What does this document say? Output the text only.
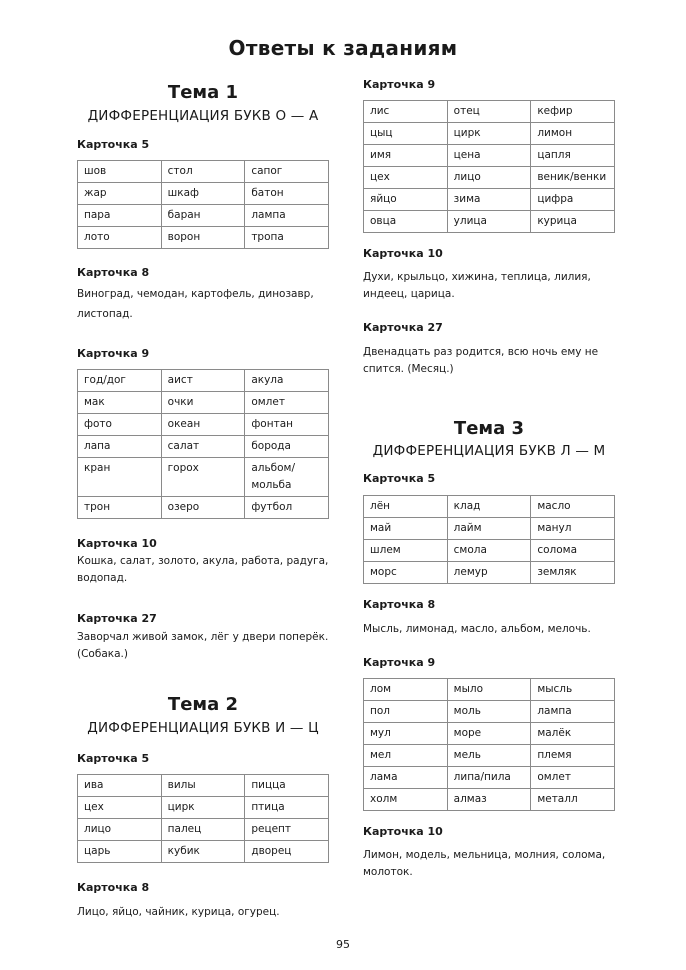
Ответы к заданиям
Тема 1
ДИФФЕРЕНЦИАЦИЯ БУКВ О — А
Карточка 5
шов	стол	сапог
жар	шкаф	батон
пара	баран	лампа
лото	ворон	тропа
Карточка 8
Виноград, чемодан, картофель, динозавр, листопад.
Карточка 9
год/дог	аист	акула
мак	очки	омлет
фото	океан	фонтан
лапа	салат	борода
кран	горох	альбом/ мольба
трон	озеро	футбол
Карточка 10
Кошка, салат, золото, акула, работа, радуга, водопад.
Карточка 27
Заворчал живой замок, лёг у двери поперёк. (Собака.)
Тема 2
ДИФФЕРЕНЦИАЦИЯ БУКВ И — Ц
Карточка 5
ива	вилы	пицца
цех	цирк	птица
лицо	палец	рецепт
царь	кубик	дворец
Карточка 8
Лицо, яйцо, чайник, курица, огурец.
Карточка 9
лис	отец	кефир
цыц	цирк	лимон
имя	цена	цапля
цех	лицо	веник/венки
яйцо	зима	цифра
овца	улица	курица
Карточка 10
Духи, крыльцо, хижина, теплица, лилия, индеец, царица.
Карточка 27
Двенадцать раз родится, всю ночь ему не спится. (Месяц.)
Тема 3
ДИФФЕРЕНЦИАЦИЯ БУКВ Л — М
Карточка 5
лён	клад	масло
май	лайм	манул
шлем	смола	солома
морс	лемур	земляк
Карточка 8
Мысль, лимонад, масло, альбом, мелочь.
Карточка 9
лом	мыло	мысль
пол	моль	лампа
мул	море	малёк
мел	мель	племя
лама	липа/пила	омлет
холм	алмаз	металл
Карточка 10
Лимон, модель, мельница, молния, солома, молоток.
95
